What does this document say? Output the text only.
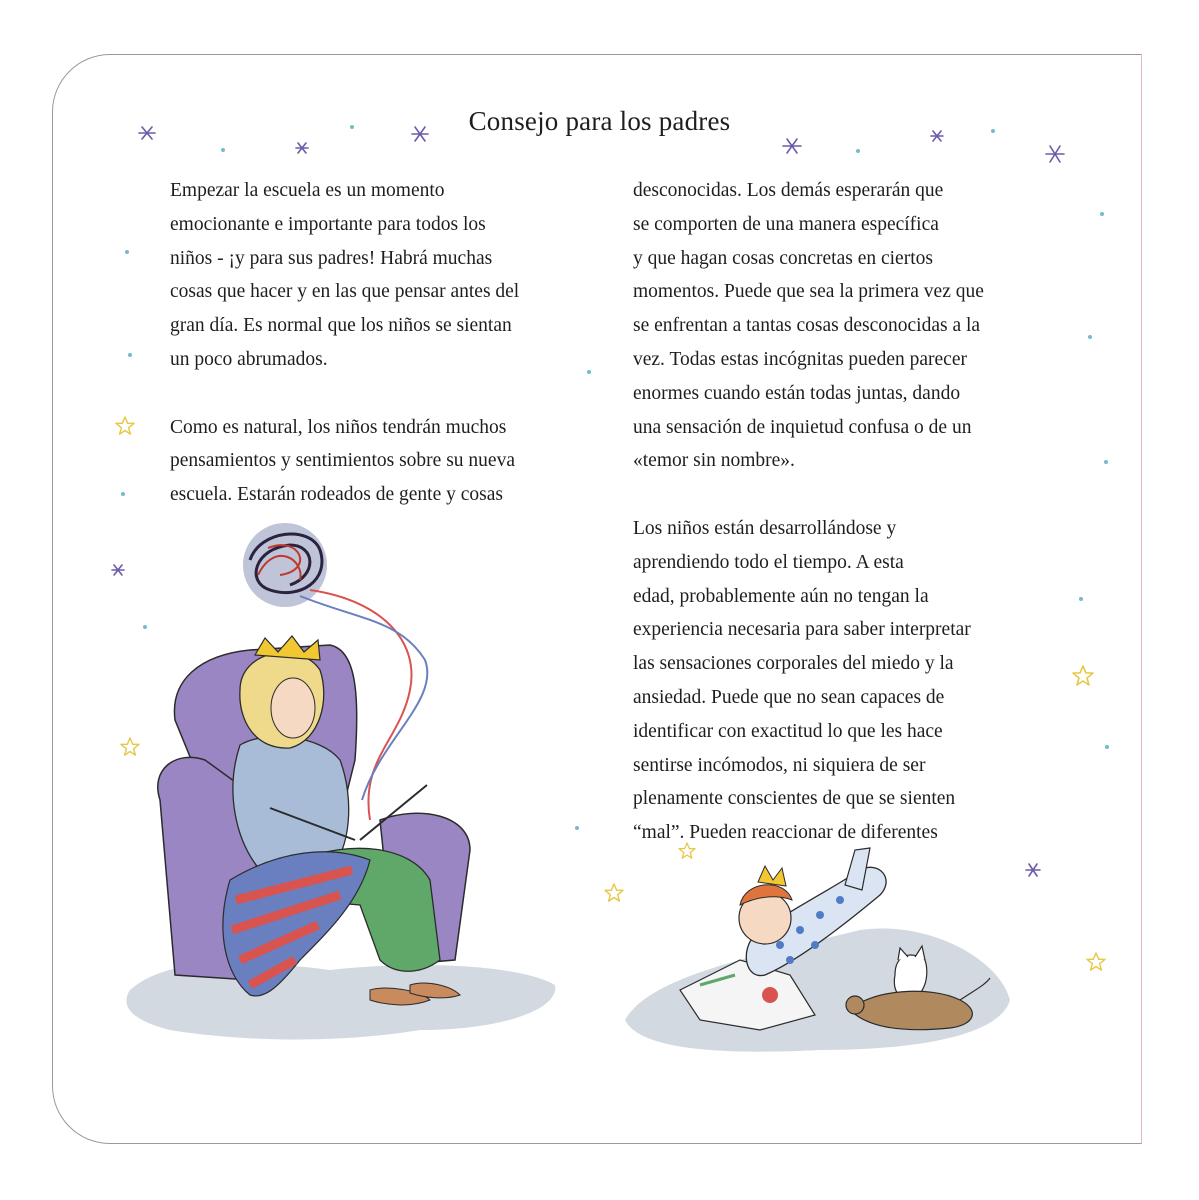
Consejo para los padres

Empezar la escuela es un momento
emocionante e importante para todos los
niños - ¡y para sus padres! Habrá muchas
cosas que hacer y en las que pensar antes del
gran día. Es normal que los niños se sientan
un poco abrumados.

Como es natural, los niños tendrán muchos
pensamientos y sentimientos sobre su nueva
escuela. Estarán rodeados de gente y cosas

desconocidas. Los demás esperarán que
se comporten de una manera específica
y que hagan cosas concretas en ciertos
momentos. Puede que sea la primera vez que
se enfrentan a tantas cosas desconocidas a la
vez. Todas estas incógnitas pueden parecer
enormes cuando están todas juntas, dando
una sensación de inquietud confusa o de un
«temor sin nombre».

Los niños están desarrollándose y
aprendiendo todo el tiempo. A esta
edad, probablemente aún no tengan la
experiencia necesaria para saber interpretar
las sensaciones corporales del miedo y la
ansiedad. Puede que no sean capaces de
identificar con exactitud lo que les hace
sentirse incómodos, ni siquiera de ser
plenamente conscientes de que se sienten
“mal”. Pueden reaccionar de diferentes
